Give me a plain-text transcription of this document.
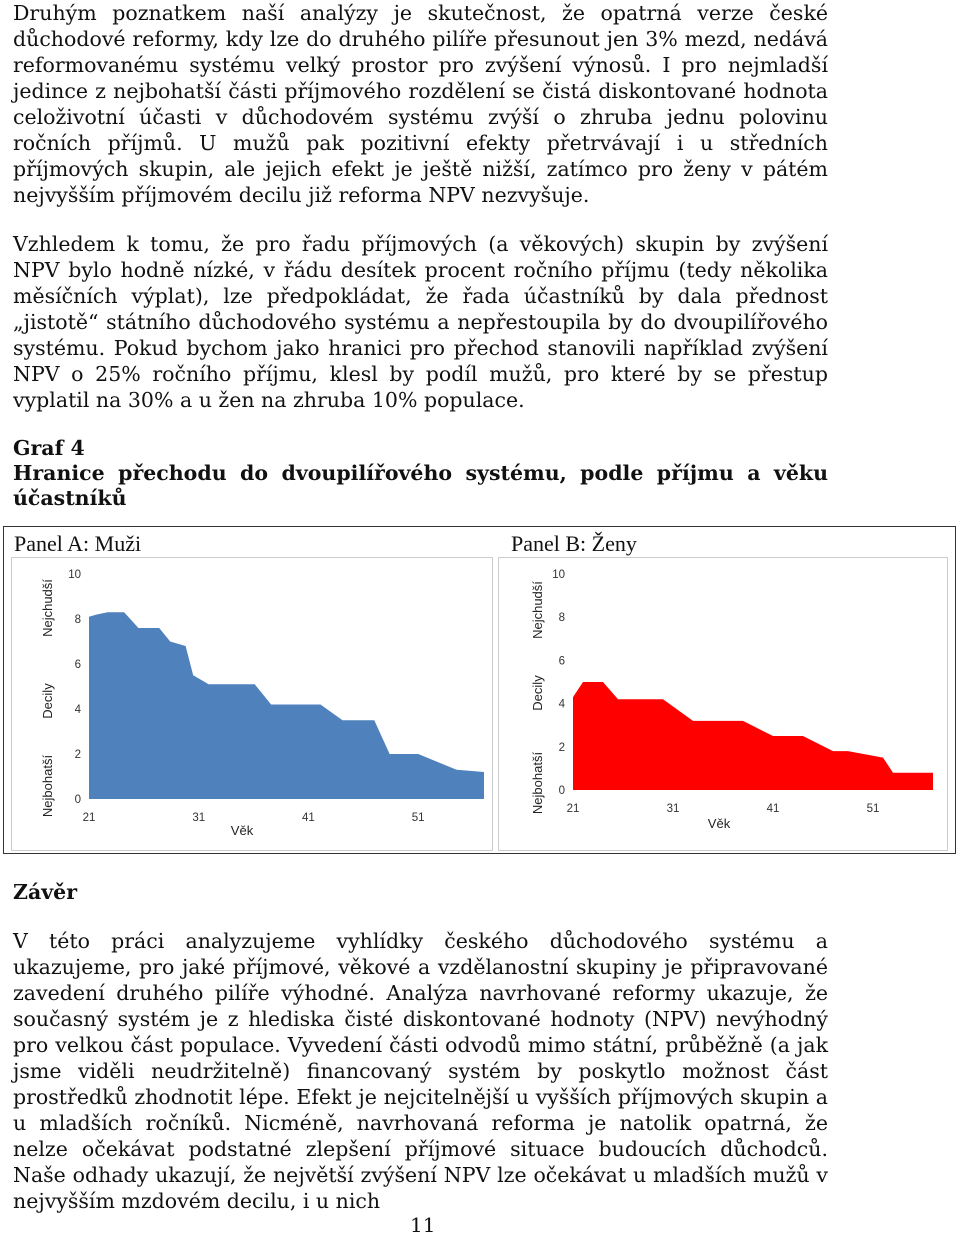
Druhým poznatkem naší analýzy je skutečnost, že opatrná verze české důchodové reformy, kdy lze do druhého pilíře přesunout jen 3% mezd, nedává reformovanému systému velký prostor pro zvýšení výnosů. I pro nejmladší jedince z nejbohatší části příjmového rozdělení se čistá diskontované hodnota celoživotní účasti v důchodovém systému zvýší o zhruba jednu polovinu ročních příjmů. U mužů pak pozitivní efekty přetrvávají i u středních příjmových skupin, ale jejich efekt je ještě nižší, zatímco pro ženy v pátém nejvyšším příjmovém decilu již reforma NPV nezvyšuje.

Vzhledem k tomu, že pro řadu příjmových (a věkových) skupin by zvýšení NPV bylo hodně nízké, v řádu desítek procent ročního příjmu (tedy několika měsíčních výplat), lze předpokládat, že řada účastníků by dala přednost „jistotě“ státního důchodového systému a nepřestoupila by do dvoupilířového systému. Pokud bychom jako hranici pro přechod stanovili například zvýšení NPV o 25% ročního příjmu, klesl by podíl mužů, pro které by se přestup vyplatil na 30% a u žen na zhruba 10% populace.

Graf 4

Hranice přechodu do dvoupilířového systému, podle příjmu a věku účastníků

Panel A: Muži	Panel B: Ženy
0
2
4
6
8
10
21	31	41	51
Věk
Nejbohatší
Decily
Nejchudší
0
2
4
6
8
10
21	31	41	51
Věk
Nejbohatší
Decily
Nejchudší

Závěr

V této práci analyzujeme vyhlídky českého důchodového systému a ukazujeme, pro jaké příjmové, věkové a vzdělanostní skupiny je připravované zavedení druhého pilíře výhodné. Analýza navrhované reformy ukazuje, že současný systém je z hlediska čisté diskontované hodnoty (NPV) nevýhodný pro velkou část populace. Vyvedení části odvodů mimo státní, průběžně (a jak jsme viděli neudržitelně) financovaný systém by poskytlo možnost část prostředků zhodnotit lépe. Efekt je nejcitelnější u vyšších příjmových skupin a u mladších ročníků. Nicméně, navrhovaná reforma je natolik opatrná, že nelze očekávat podstatné zlepšení příjmové situace budoucích důchodců. Naše odhady ukazují, že největší zvýšení NPV lze očekávat u mladších mužů v nejvyšším mzdovém decilu, i u nich

11
